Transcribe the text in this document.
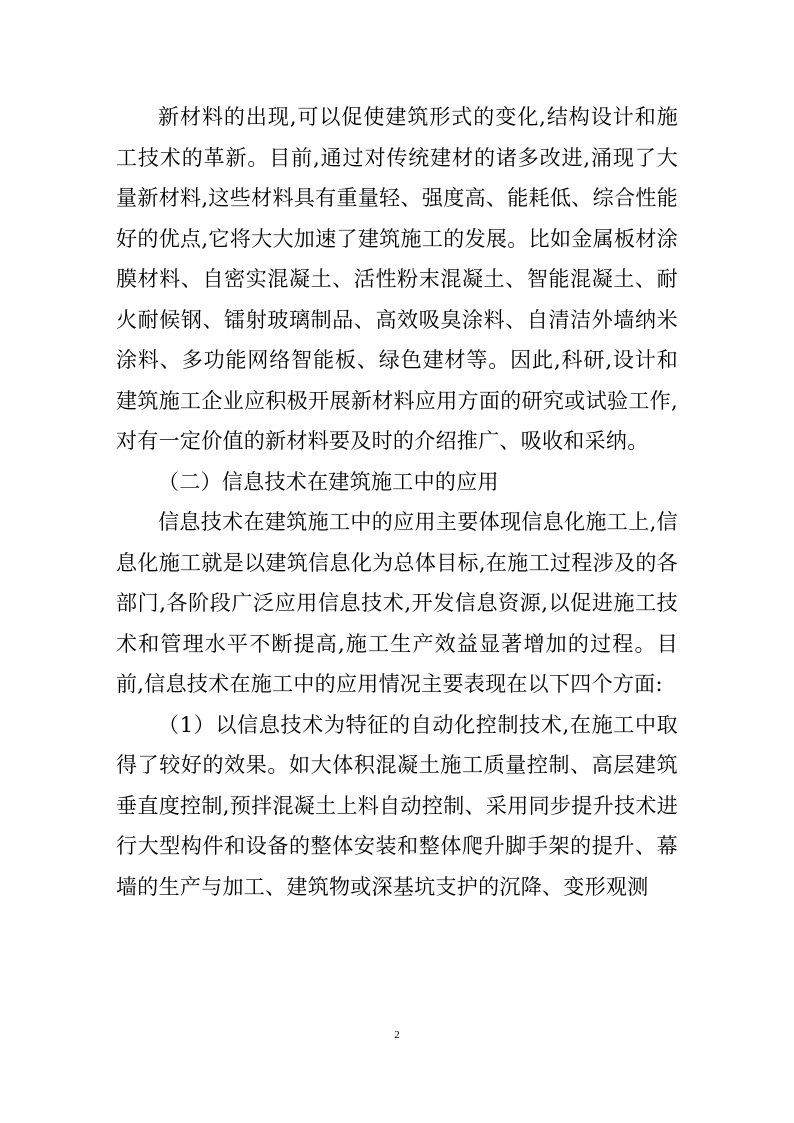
新材料的出现,可以促使建筑形式的变化,结构设计和施工技术的革新。目前,通过对传统建材的诸多改进,涌现了大量新材料,这些材料具有重量轻、强度高、能耗低、综合性能好的优点,它将大大加速了建筑施工的发展。比如金属板材涂膜材料、自密实混凝土、活性粉末混凝土、智能混凝土、耐火耐候钢、镭射玻璃制品、高效吸臭涂料、自清洁外墙纳米涂料、多功能网络智能板、绿色建材等。因此,科研,设计和建筑施工企业应积极开展新材料应用方面的研究或试验工作,对有一定价值的新材料要及时的介绍推广、吸收和采纳。

（二）信息技术在建筑施工中的应用

信息技术在建筑施工中的应用主要体现信息化施工上,信息化施工就是以建筑信息化为总体目标,在施工过程涉及的各部门,各阶段广泛应用信息技术,开发信息资源,以促进施工技术和管理水平不断提高,施工生产效益显著增加的过程。目前,信息技术在施工中的应用情况主要表现在以下四个方面:

（1）以信息技术为特征的自动化控制技术,在施工中取得了较好的效果。如大体积混凝土施工质量控制、高层建筑垂直度控制,预拌混凝土上料自动控制、采用同步提升技术进行大型构件和设备的整体安装和整体爬升脚手架的提升、幕墙的生产与加工、建筑物或深基坑支护的沉降、变形观测

2
